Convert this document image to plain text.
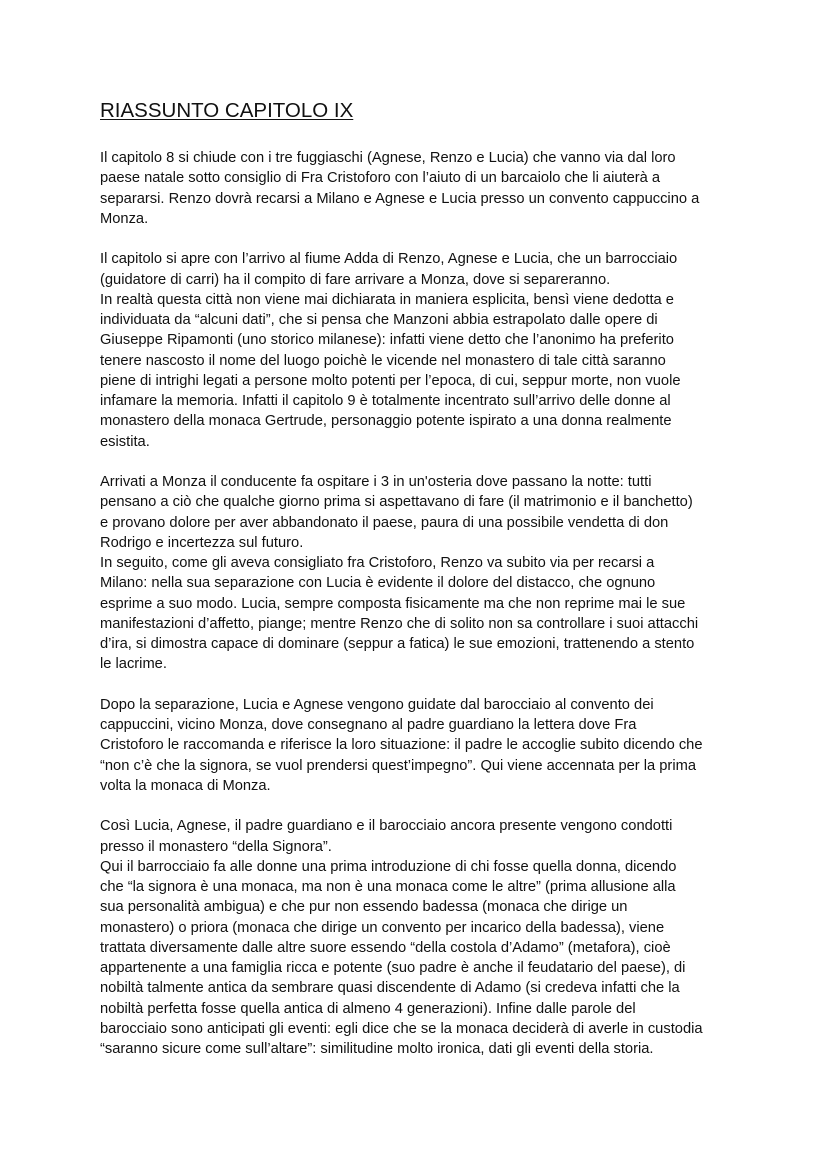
RIASSUNTO CAPITOLO IX
Il capitolo 8 si chiude con i tre fuggiaschi (Agnese, Renzo e Lucia) che vanno via dal loro
paese natale sotto consiglio di Fra Cristoforo con l’aiuto di un barcaiolo che li aiuterà a
separarsi. Renzo dovrà recarsi a Milano e Agnese e Lucia presso un convento cappuccino a
Monza.
Il capitolo si apre con l’arrivo al fiume Adda di Renzo, Agnese e Lucia, che un barrocciaio
(guidatore di carri) ha il compito di fare arrivare a Monza, dove si separeranno.
In realtà questa città non viene mai dichiarata in maniera esplicita, bensì viene dedotta e
individuata da “alcuni dati”, che si pensa che Manzoni abbia estrapolato dalle opere di
Giuseppe Ripamonti (uno storico milanese): infatti viene detto che l’anonimo ha preferito
tenere nascosto il nome del luogo poichè le vicende nel monastero di tale città saranno
piene di intrighi legati a persone molto potenti per l’epoca, di cui, seppur morte, non vuole
infamare la memoria. Infatti il capitolo 9 è totalmente incentrato sull’arrivo delle donne al
monastero della monaca Gertrude, personaggio potente ispirato a una donna realmente
esistita.
Arrivati a Monza il conducente fa ospitare i 3 in un'osteria dove passano la notte: tutti
pensano a ciò che qualche giorno prima si aspettavano di fare (il matrimonio e il banchetto)
e provano dolore per aver abbandonato il paese, paura di una possibile vendetta di don
Rodrigo e incertezza sul futuro.
In seguito, come gli aveva consigliato fra Cristoforo, Renzo va subito via per recarsi a
Milano: nella sua separazione con Lucia è evidente il dolore del distacco, che ognuno
esprime a suo modo. Lucia, sempre composta fisicamente ma che non reprime mai le sue
manifestazioni d’affetto, piange; mentre Renzo che di solito non sa controllare i suoi attacchi
d’ira, si dimostra capace di dominare (seppur a fatica) le sue emozioni, trattenendo a stento
le lacrime.
Dopo la separazione, Lucia e Agnese vengono guidate dal barocciaio al convento dei
cappuccini, vicino Monza, dove consegnano al padre guardiano la lettera dove Fra
Cristoforo le raccomanda e riferisce la loro situazione: il padre le accoglie subito dicendo che
“non c’è che la signora, se vuol prendersi quest’impegno”. Qui viene accennata per la prima
volta la monaca di Monza.
Così Lucia, Agnese, il padre guardiano e il barocciaio ancora presente vengono condotti
presso il monastero “della Signora”.
Qui il barrocciaio fa alle donne una prima introduzione di chi fosse quella donna, dicendo
che “la signora è una monaca, ma non è una monaca come le altre” (prima allusione alla
sua personalità ambigua) e che pur non essendo badessa (monaca che dirige un
monastero) o priora (monaca che dirige un convento per incarico della badessa), viene
trattata diversamente dalle altre suore essendo “della costola d’Adamo” (metafora), cioè
appartenente a una famiglia ricca e potente (suo padre è anche il feudatario del paese), di
nobiltà talmente antica da sembrare quasi discendente di Adamo (si credeva infatti che la
nobiltà perfetta fosse quella antica di almeno 4 generazioni). Infine dalle parole del
barocciaio sono anticipati gli eventi: egli dice che se la monaca deciderà di averle in custodia
“saranno sicure come sull’altare”: similitudine molto ironica, dati gli eventi della storia.
